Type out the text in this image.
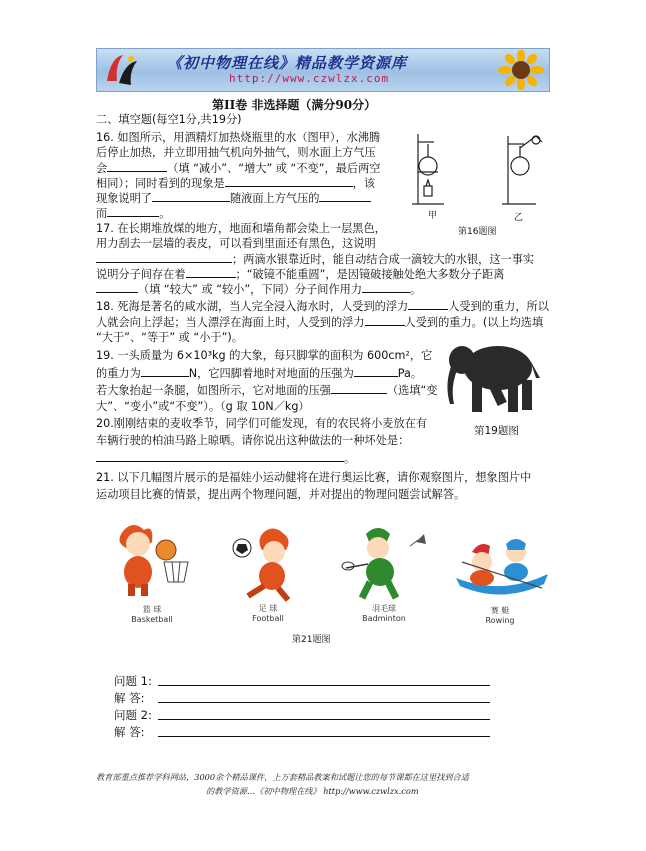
《初中物理在线》精品教学资源库
http://www.czwlzx.com
第II卷 非选择题（满分90分）
二、填空题(每空1分,共19分)
16. 如图所示，用酒精灯加热烧瓶里的水（图甲），水沸腾
后停止加热，并立即用抽气机向外抽气，则水面上方气压
会	（填 “减小”、“增大” 或 “不变”，最后两空
相同）；同时看到的现象是	，该
现象说明了	随液面上方气压的
而	。	甲	乙
第16题图
17. 在长期堆放煤的地方，地面和墙角都会染上一层黑色，
用力刮去一层墙的表皮，可以看到里面还有黑色，这说明
；两滴水银靠近时，能自动结合成一滴较大的水银，这一事实
说明分子间存在着	；“破镜不能重圆”，是因镜破接触处绝大多数分子距离
（填 “较大” 或 “较小”，下同）分子间作用力	。
18. 死海是著名的咸水湖，当人完全浸入海水时，人受到的浮力	人受到的重力，所以
人就会向上浮起；当人漂浮在海面上时，人受到的浮力	人受到的重力。(以上均选填
“大于”、“等于” 或 “小于”)。
19. 一头质量为 6×10³kg 的大象，每只脚掌的面积为 600cm²，它
的重力为	N，它四脚着地时对地面的压强为	Pa。
若大象抬起一条腿，如图所示，它对地面的压强	（选填“变
大”、“变小”或“不变”）。（g 取 10N／kg）
第19题图
20.刚刚结束的麦收季节，同学们可能发现，有的农民将小麦放在有
车辆行驶的柏油马路上晾晒。请你说出这种做法的一种坏处是：
。
21. 以下几幅图片展示的是福娃小运动健将在进行奥运比赛，请你观察图片，想象图片中
运动项目比赛的情景，提出两个物理问题，并对提出的物理问题尝试解答。
篮 球
Basketball
足 球
Football
羽毛球
Badminton
赛 艇
Rowing
第21题图
问题 1:
解 答:
问题 2:
解 答:
教育部重点推荐学科网站，3000余个精品课件，上万套精品教案和试题让您的每节课都在这里找到合适
的教学资源…《初中物理在线》 http://www.czwlzx.com
